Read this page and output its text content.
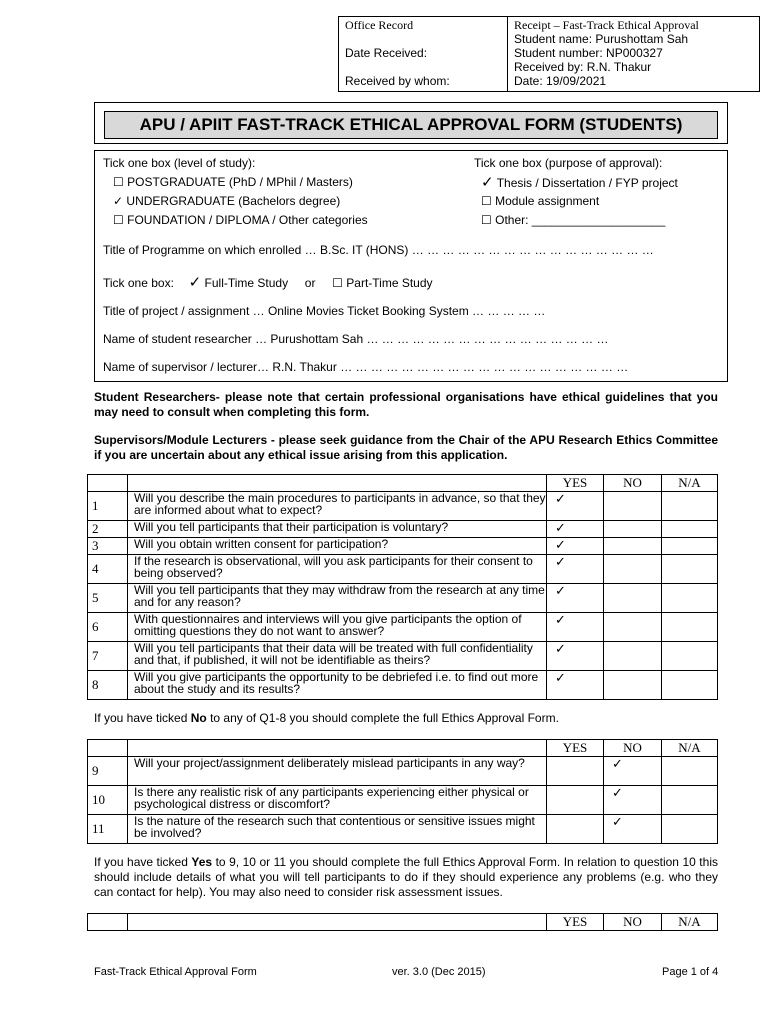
Office Record
Date Received:
Received by whom:
Receipt – Fast-Track Ethical Approval
Student name: Purushottam Sah
Student number: NP000327
Received by: R.N. Thakur
Date: 19/09/2021
APU / APIIT FAST-TRACK ETHICAL APPROVAL FORM (STUDENTS)
Tick one box (level of study):
☐ POSTGRADUATE (PhD / MPhil / Masters)
✓ UNDERGRADUATE (Bachelors degree)
☐ FOUNDATION / DIPLOMA / Other categories
Tick one box (purpose of approval):
✓ Thesis / Dissertation / FYP project
☐ Module assignment
☐ Other: ____________________
Title of Programme on which enrolled … B.Sc. IT (HONS) … … … … … … … … … … … … … … … …
Tick one box: ✓ Full-Time Study or ☐ Part-Time Study
Title of project / assignment … Online Movies Ticket Booking System … … … … …
Name of student researcher … Purushottam Sah … … … … … … … … … … … … … … … …
Name of supervisor / lecturer… R.N. Thakur … … … … … … … … … … … … … … … … … … …
Student Researchers- please note that certain professional organisations have ethical guidelines that you may need to consult when completing this form.
Supervisors/Module Lecturers - please seek guidance from the Chair of the APU Research Ethics Committee if you are uncertain about any ethical issue arising from this application.
		YES	NO	N/A
1	Will you describe the main procedures to participants in advance, so that they are informed about what to expect?	✓		
2	Will you tell participants that their participation is voluntary?	✓		
3	Will you obtain written consent for participation?	✓		
4	If the research is observational, will you ask participants for their consent to being observed?	✓		
5	Will you tell participants that they may withdraw from the research at any time and for any reason?	✓		
6	With questionnaires and interviews will you give participants the option of omitting questions they do not want to answer?	✓		
7	Will you tell participants that their data will be treated with full confidentiality and that, if published, it will not be identifiable as theirs?	✓		
8	Will you give participants the opportunity to be debriefed i.e. to find out more about the study and its results?	✓		
If you have ticked No to any of Q1-8 you should complete the full Ethics Approval Form.
		YES	NO	N/A
9	Will your project/assignment deliberately mislead participants in any way?		✓	
10	Is there any realistic risk of any participants experiencing either physical or psychological distress or discomfort?		✓	
11	Is the nature of the research such that contentious or sensitive issues might be involved?		✓	
If you have ticked Yes to 9, 10 or 11 you should complete the full Ethics Approval Form. In relation to question 10 this should include details of what you will tell participants to do if they should experience any problems (e.g. who they can contact for help). You may also need to consider risk assessment issues.
		YES	NO	N/A
Fast-Track Ethical Approval Form	ver. 3.0 (Dec 2015)	Page 1 of 4
